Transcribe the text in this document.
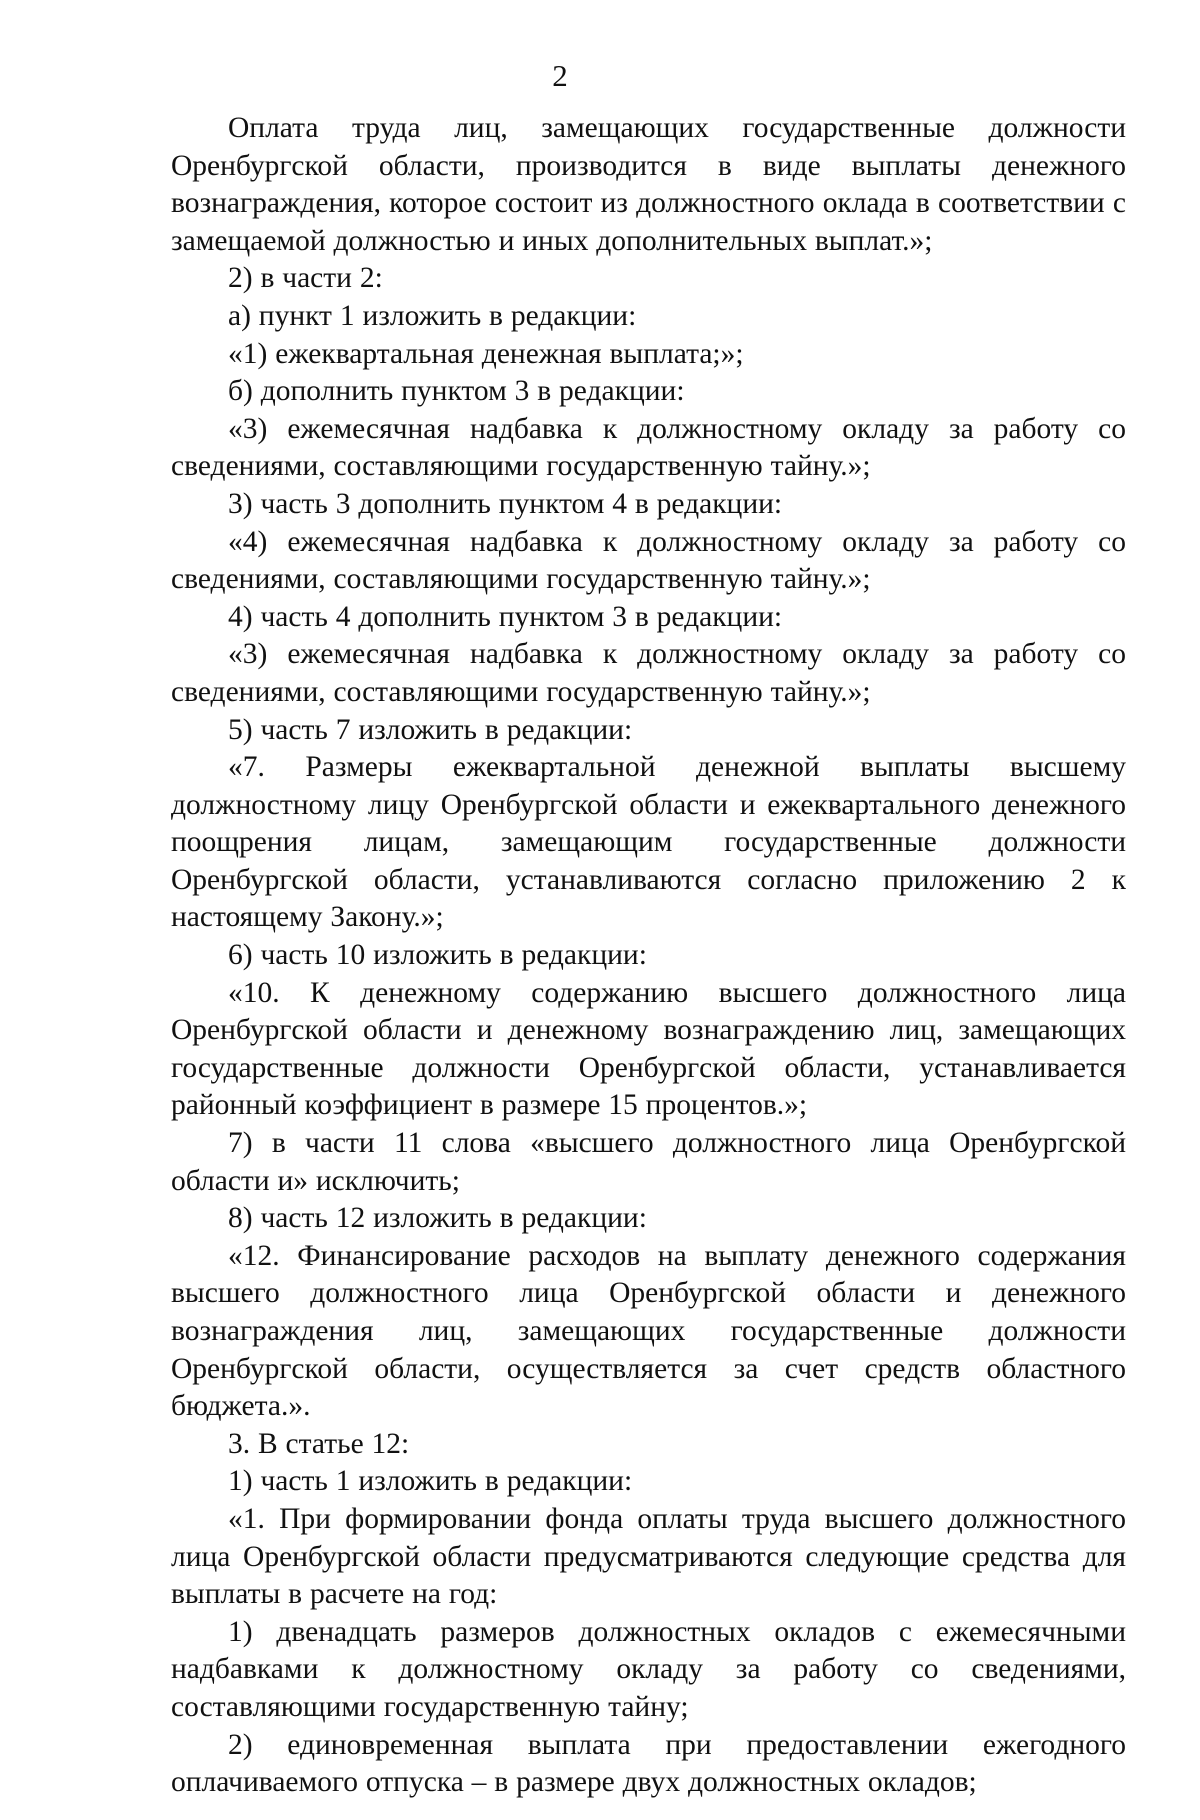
2

Оплата труда лиц, замещающих государственные должности Оренбургской области, производится в виде выплаты денежного вознаграждения, которое состоит из должностного оклада в соответствии с замещаемой должностью и иных дополнительных выплат.»;

2) в части 2:

а) пункт 1 изложить в редакции:

«1) ежеквартальная денежная выплата;»;

б) дополнить пунктом 3 в редакции:

«3) ежемесячная надбавка к должностному окладу за работу со сведениями, составляющими государственную тайну.»;

3) часть 3 дополнить пунктом 4 в редакции:

«4) ежемесячная надбавка к должностному окладу за работу со сведениями, составляющими государственную тайну.»;

4) часть 4 дополнить пунктом 3 в редакции:

«3) ежемесячная надбавка к должностному окладу за работу со сведениями, составляющими государственную тайну.»;

5) часть 7 изложить в редакции:

«7. Размеры ежеквартальной денежной выплаты высшему должностному лицу Оренбургской области и ежеквартального денежного поощрения лицам, замещающим государственные должности Оренбургской области, устанавливаются согласно приложению 2 к настоящему Закону.»;

6) часть 10 изложить в редакции:

«10. К денежному содержанию высшего должностного лица Оренбургской области и денежному вознаграждению лиц, замещающих государственные должности Оренбургской области, устанавливается районный коэффициент в размере 15 процентов.»;

7) в части 11 слова «высшего должностного лица Оренбургской области и» исключить;

8) часть 12 изложить в редакции:

«12. Финансирование расходов на выплату денежного содержания высшего должностного лица Оренбургской области и денежного вознаграждения лиц, замещающих государственные должности Оренбургской области, осуществляется за счет средств областного бюджета.».

3. В статье 12:

1) часть 1 изложить в редакции:

«1. При формировании фонда оплаты труда высшего должностного лица Оренбургской области предусматриваются следующие средства для выплаты в расчете на год:

1) двенадцать размеров должностных окладов с ежемесячными надбавками к должностному окладу за работу со сведениями, составляющими государственную тайну;

2) единовременная выплата при предоставлении ежегодного оплачиваемого отпуска – в размере двух должностных окладов;
